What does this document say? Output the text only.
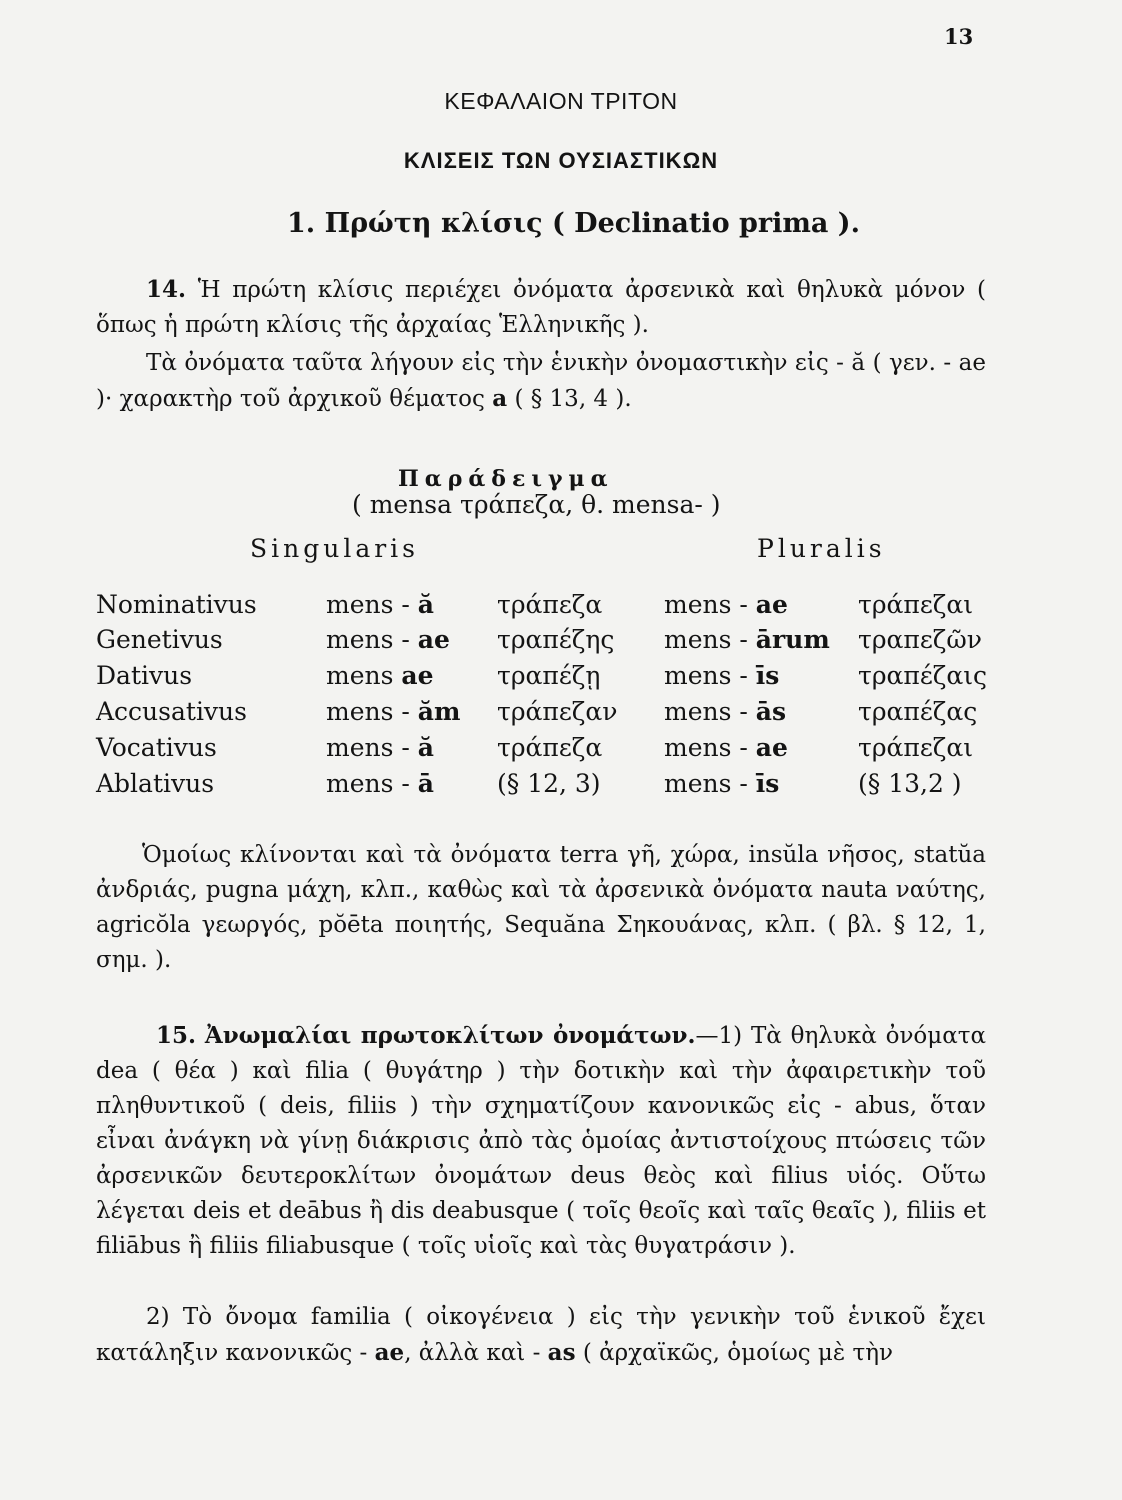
13
ΚΕΦΑΛΑΙΟΝ ΤΡΙΤΟΝ
ΚΛΙΣΕΙΣ ΤΩΝ ΟΥΣΙΑΣΤΙΚΩΝ
1. Πρώτη κλίσις ( Declinatio prima ).
14. Ἡ πρώτη κλίσις περιέχει ὀνόματα ἀρσενικὰ καὶ θηλυκὰ μόνον ( ὅπως ἡ πρώτη κλίσις τῆς ἀρχαίας Ἑλληνικῆς ).
Τὰ ὀνόματα ταῦτα λήγουν εἰς τὴν ἑνικὴν ὀνομαστικὴν εἰς - ă ( γεν. - ae )· χαρακτὴρ τοῦ ἀρχικοῦ θέματος a ( § 13, 4 ).
Παράδειγμα
( mensa τράπεζα, θ. mensa- )
Singularis	Pluralis
Nominativus	mens - ă	τράπεζα mens - ae	τράπεζαι
Genetivus	mens - ae τραπέζης mens - ārum τραπεζῶν
Dativus	mens ae	τραπέζῃ	mens - īs	τραπέζαις
Accusativus	mens - ăm τράπεζαν mens - ās	τραπέζας
Vocativus	mens - ă	τράπεζα mens - ae	τράπεζαι
Ablativus	mens - ā	(§ 12, 3)	mens - īs	(§ 13,2 )
Ὁμοίως κλίνονται καὶ τὰ ὀνόματα terra γῆ, χώρα, insŭla νῆσος, statŭa ἀνδριάς, pugna μάχη, κλπ., καθὼς καὶ τὰ ἀρσενικὰ ὀνόματα nauta ναύτης, agricŏla γεωργός, pŏēta ποιητής, Sequăna Σηκουάνας, κλπ. ( βλ. § 12, 1, σημ. ).
15. Ἀνωμαλίαι πρωτοκλίτων ὀνομάτων.—1) Τὰ θηλυκὰ ὀνόματα dea ( θέα ) καὶ filia ( θυγάτηρ ) τὴν δοτικὴν καὶ τὴν ἀφαιρετικὴν τοῦ πληθυντικοῦ ( deis, filiis ) τὴν σχηματίζουν κανονικῶς εἰς - abus, ὅταν εἶναι ἀνάγκη νὰ γίνῃ διάκρισις ἀπὸ τὰς ὁμοίας ἀντιστοίχους πτώσεις τῶν ἀρσενικῶν δευτεροκλίτων ὀνομάτων deus θεὸς καὶ filius υἱός. Οὕτω λέγεται deis et deābus ἢ dis deabusque ( τοῖς θεοῖς καὶ ταῖς θεαῖς ), filiis et filiābus ἢ filiis filiabusque ( τοῖς υἱοῖς καὶ τὰς θυγατράσιν ).
2) Τὸ ὄνομα familia ( οἰκογένεια ) εἰς τὴν γενικὴν τοῦ ἑνικοῦ ἔχει κατάληξιν κανονικῶς - ae, ἀλλὰ καὶ - as ( ἀρχαϊκῶς, ὁμοίως μὲ τὴν
